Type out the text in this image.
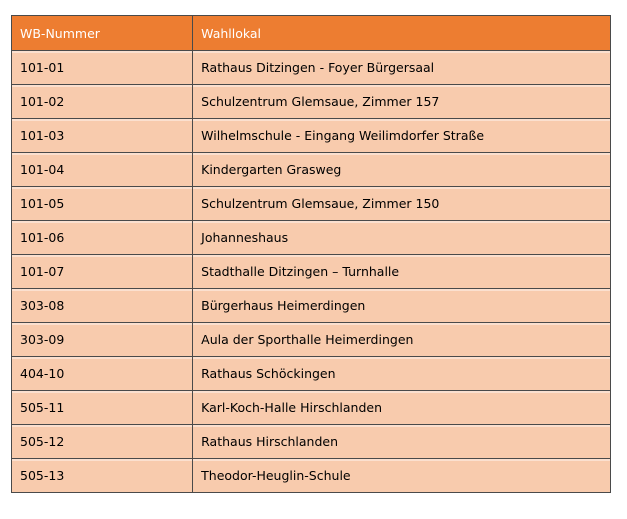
WB-Nummer	Wahllokal
101-01	Rathaus Ditzingen - Foyer Bürgersaal
101-02	Schulzentrum Glemsaue, Zimmer 157
101-03	Wilhelmschule - Eingang Weilimdorfer Straße
101-04	Kindergarten Grasweg
101-05	Schulzentrum Glemsaue, Zimmer 150
101-06	Johanneshaus
101-07	Stadthalle Ditzingen – Turnhalle
303-08	Bürgerhaus Heimerdingen
303-09	Aula der Sporthalle Heimerdingen
404-10	Rathaus Schöckingen
505-11	Karl-Koch-Halle Hirschlanden
505-12	Rathaus Hirschlanden
505-13	Theodor-Heuglin-Schule
